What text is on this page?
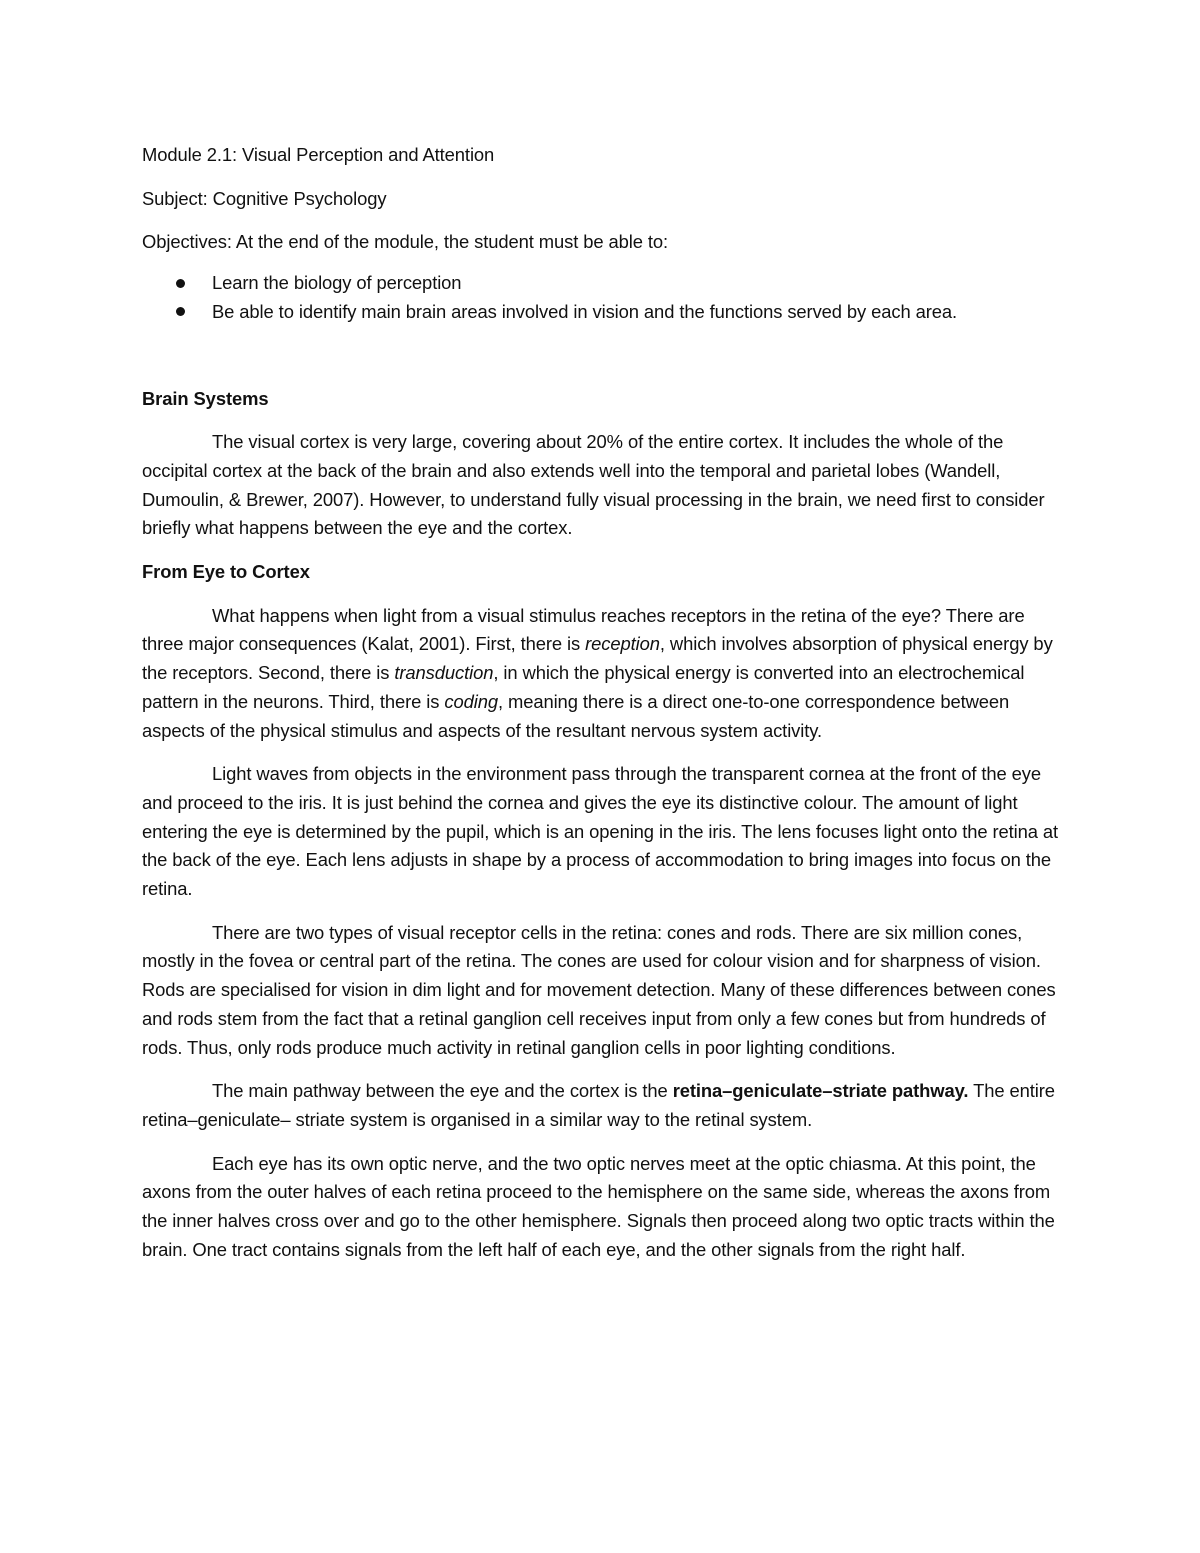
Module 2.1: Visual Perception and Attention
Subject: Cognitive Psychology
Objectives: At the end of the module, the student must be able to:
Learn the biology of perception
Be able to identify main brain areas involved in vision and the functions served by each area.
Brain Systems
The visual cortex is very large, covering about 20% of the entire cortex. It includes the whole of the occipital cortex at the back of the brain and also extends well into the temporal and parietal lobes (Wandell, Dumoulin, & Brewer, 2007). However, to understand fully visual processing in the brain, we need first to consider briefly what happens between the eye and the cortex.
From Eye to Cortex
What happens when light from a visual stimulus reaches receptors in the retina of the eye? There are three major consequences (Kalat, 2001). First, there is reception, which involves absorption of physical energy by the receptors. Second, there is transduction, in which the physical energy is converted into an electrochemical pattern in the neurons. Third, there is coding, meaning there is a direct one-to-one correspondence between aspects of the physical stimulus and aspects of the resultant nervous system activity.
Light waves from objects in the environment pass through the transparent cornea at the front of the eye and proceed to the iris. It is just behind the cornea and gives the eye its distinctive colour. The amount of light entering the eye is determined by the pupil, which is an opening in the iris. The lens focuses light onto the retina at the back of the eye. Each lens adjusts in shape by a process of accommodation to bring images into focus on the retina.
There are two types of visual receptor cells in the retina: cones and rods. There are six million cones, mostly in the fovea or central part of the retina. The cones are used for colour vision and for sharpness of vision. Rods are specialised for vision in dim light and for movement detection. Many of these differences between cones and rods stem from the fact that a retinal ganglion cell receives input from only a few cones but from hundreds of rods. Thus, only rods produce much activity in retinal ganglion cells in poor lighting conditions.
The main pathway between the eye and the cortex is the retina–geniculate–striate pathway. The entire retina–geniculate– striate system is organised in a similar way to the retinal system.
Each eye has its own optic nerve, and the two optic nerves meet at the optic chiasma. At this point, the axons from the outer halves of each retina proceed to the hemisphere on the same side, whereas the axons from the inner halves cross over and go to the other hemisphere. Signals then proceed along two optic tracts within the brain. One tract contains signals from the left half of each eye, and the other signals from the right half.
